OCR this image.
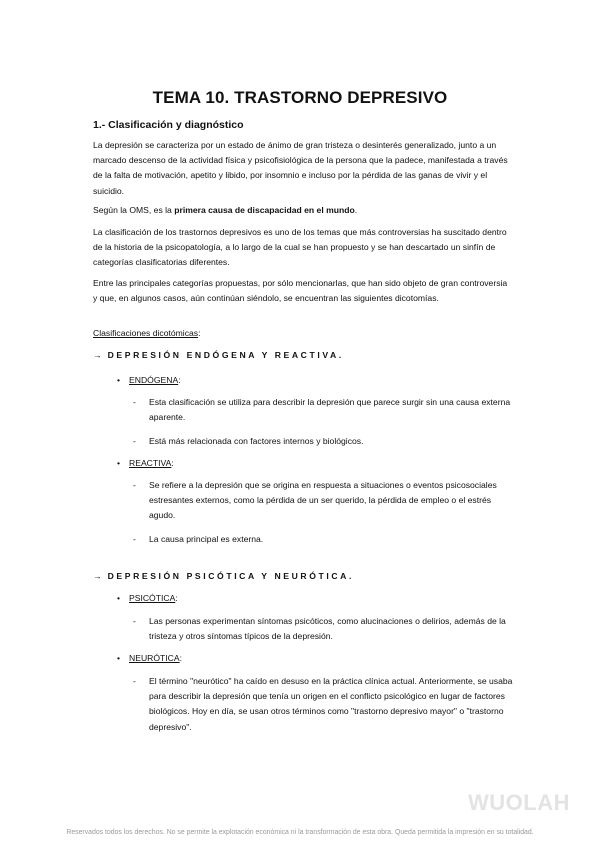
TEMA 10. TRASTORNO DEPRESIVO
1.- Clasificación y diagnóstico

La depresión se caracteriza por un estado de ánimo de gran tristeza o desinterés generalizado, junto a un marcado descenso de la actividad física y psicofisiológica de la persona que la padece, manifestada a través de la falta de motivación, apetito y libido, por insomnio e incluso por la pérdida de las ganas de vivir y el suicidio.

Según la OMS, es la primera causa de discapacidad en el mundo.

La clasificación de los trastornos depresivos es uno de los temas que más controversias ha suscitado dentro de la historia de la psicopatología, a lo largo de la cual se han propuesto y se han descartado un sinfín de categorías clasificatorias diferentes.

Entre las principales categorías propuestas, por sólo mencionarlas, que han sido objeto de gran controversia y que, en algunos casos, aún continúan siéndolo, se encuentran las siguientes dicotomías.

Clasificaciones dicotómicas:

→ DEPRESIÓN ENDÓGENA Y REACTIVA.
• ENDÓGENA:
- Esta clasificación se utiliza para describir la depresión que parece surgir sin una causa externa aparente.
- Está más relacionada con factores internos y biológicos.
• REACTIVA:
- Se refiere a la depresión que se origina en respuesta a situaciones o eventos psicosociales estresantes externos, como la pérdida de un ser querido, la pérdida de empleo o el estrés agudo.
- La causa principal es externa.
→ DEPRESIÓN PSICÓTICA Y NEURÓTICA.
• PSICÓTICA:
- Las personas experimentan síntomas psicóticos, como alucinaciones o delirios, además de la tristeza y otros síntomas típicos de la depresión.
• NEURÓTICA:
- El término "neurótico" ha caído en desuso en la práctica clínica actual. Anteriormente, se usaba para describir la depresión que tenía un origen en el conflicto psicológico en lugar de factores biológicos. Hoy en día, se usan otros términos como "trastorno depresivo mayor" o "trastorno depresivo".
WUOLAH
Reservados todos los derechos. No se permite la explotación económica ni la transformación de esta obra. Queda permitida la impresión en su totalidad.
